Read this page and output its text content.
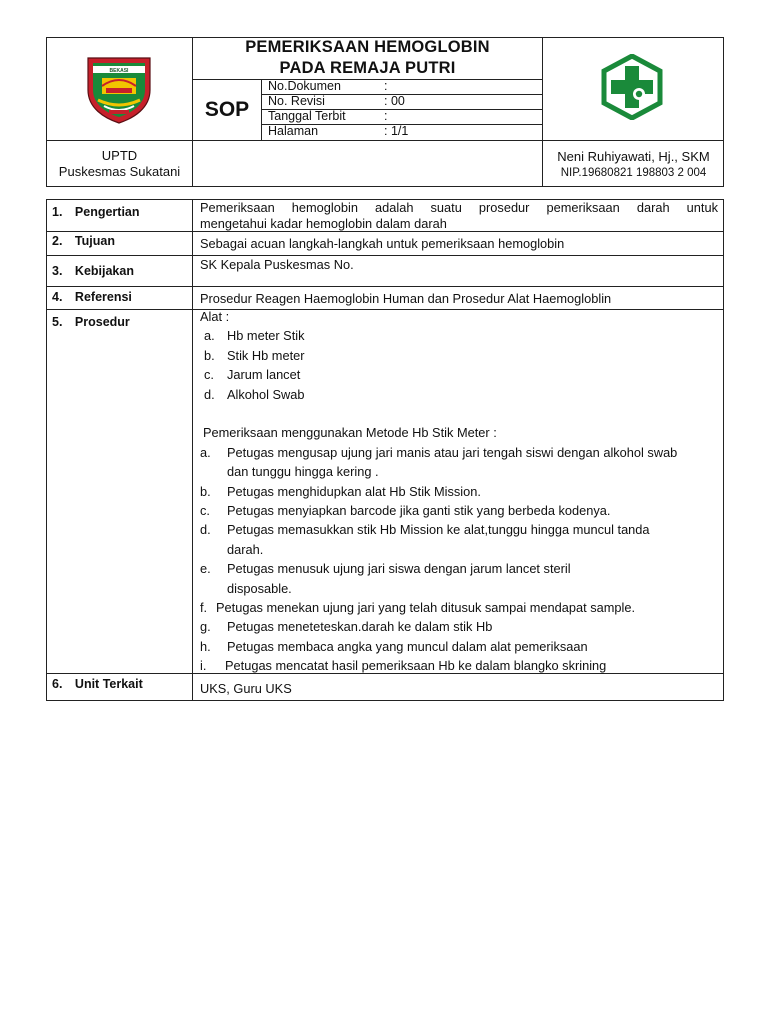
BEKASI
PEMERIKSAAN HEMOGLOBIN
PADA REMAJA PUTRI
SOP
No.Dokumen	:
No. Revisi	: 00
Tanggal Terbit	:
Halaman	: 1/1
UPTD
Puskesmas Sukatani
Neni Ruhiyawati, Hj., SKM
NIP.19680821 198803 2 004
1. Pengertian	Pemeriksaan hemoglobin adalah suatu prosedur pemeriksaan darah untuk
mengetahui kadar hemoglobin dalam darah
2. Tujuan	Sebagai acuan langkah-langkah untuk pemeriksaan hemoglobin
3. Kebijakan	SK Kepala Puskesmas No.
4. Referensi	Prosedur Reagen Haemoglobin Human dan Prosedur Alat Haemogloblin
5. Prosedur	Alat :
a. Hb meter Stik
b. Stik Hb meter
c. Jarum lancet
d. Alkohol Swab
Pemeriksaan menggunakan Metode Hb Stik Meter :
a. Petugas mengusap ujung jari manis atau jari tengah siswi dengan alkohol swab
dan tunggu hingga kering .
b. Petugas menghidupkan alat Hb Stik Mission.
c. Petugas menyiapkan barcode jika ganti stik yang berbeda kodenya.
d. Petugas memasukkan stik Hb Mission ke alat,tunggu hingga muncul tanda
darah.
e. Petugas menusuk ujung jari siswa dengan jarum lancet steril
disposable.
f. Petugas menekan ujung jari yang telah ditusuk sampai mendapat sample.
g. Petugas meneteteskan.darah ke dalam stik Hb
h. Petugas membaca angka yang muncul dalam alat pemeriksaan
i. Petugas mencatat hasil pemeriksaan Hb ke dalam blangko skrining
6. Unit Terkait	UKS, Guru UKS
